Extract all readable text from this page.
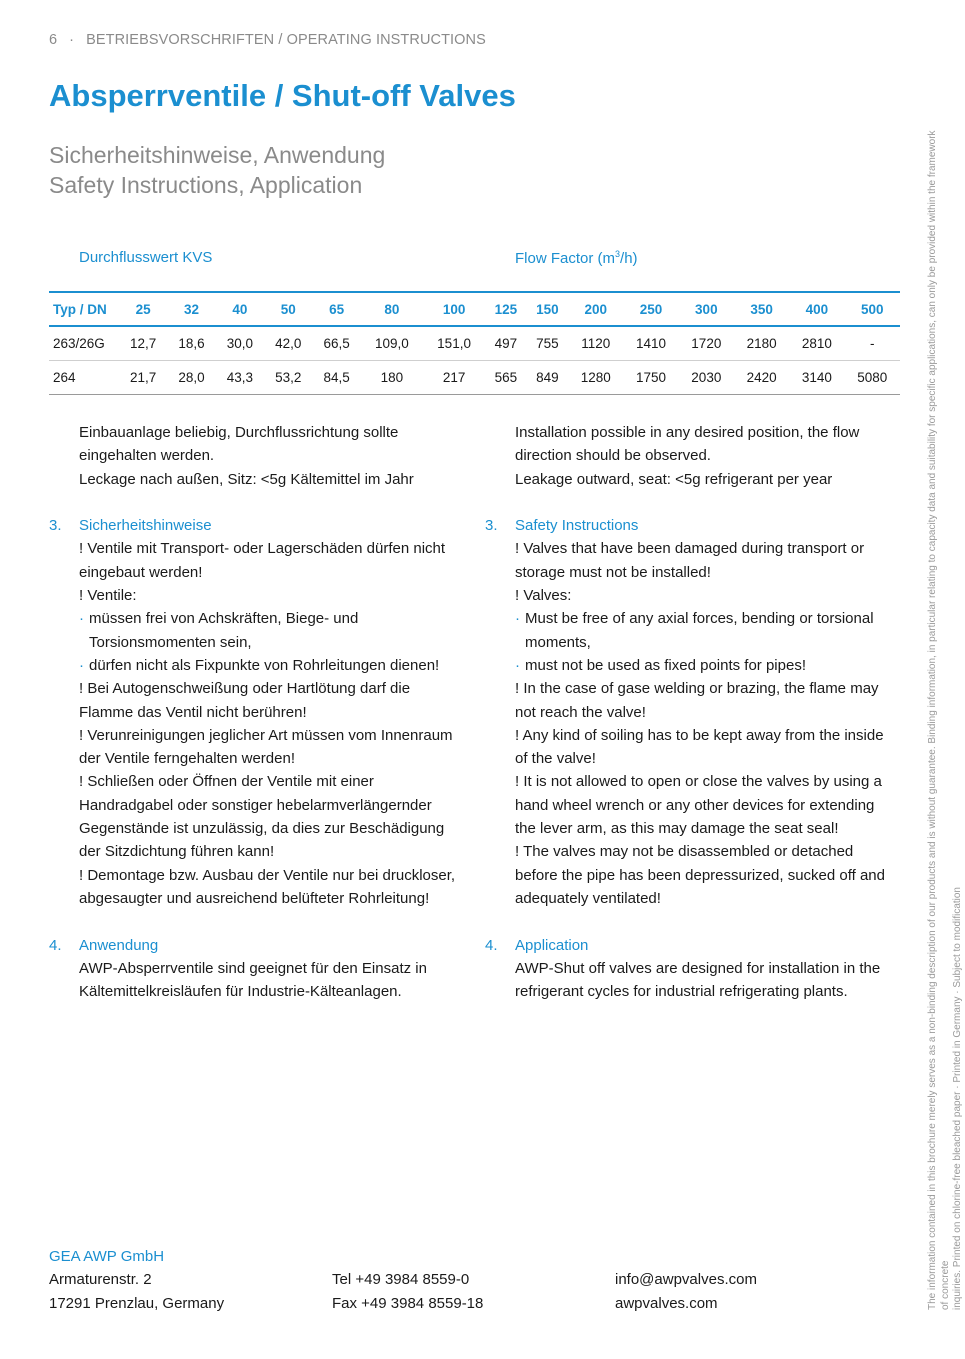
6 · BETRIEBSVORSCHRIFTEN / OPERATING INSTRUCTIONS
Absperrventile / Shut-off Valves
Sicherheitshinweise, Anwendung
Safety Instructions, Application
Durchflusswert KVS	Flow Factor $(m^3/h)$
Typ / DN	25	32	40	50	65	80	100	125	150	200	250	300	350	400	500
263/26G	12,7	18,6	30,0	42,0	66,5	109,0	151,0	497	755	1120	1410	1720	2180	2810	-
264	21,7	28,0	43,3	53,2	84,5	180	217	565	849	1280	1750	2030	2420	3140	5080

Einbauanlage beliebig, Durchflussrichtung sollte

eingehalten werden.

Leckage nach außen, Sitz: <5g Kältemittel im Jahr

3. Sicherheitshinweise

! Ventile mit Transport- oder Lagerschäden dürfen nicht

eingebaut werden!

! Ventile:

· müssen frei von Achskräften, Biege- und

Torsionsmomenten sein,

· dürfen nicht als Fixpunkte von Rohrleitungen dienen!

! Bei Autogenschweißung oder Hartlötung darf die

Flamme das Ventil nicht berühren!

! Verunreinigungen jeglicher Art müssen vom Innenraum

der Ventile ferngehalten werden!

! Schließen oder Öffnen der Ventile mit einer

Handradgabel oder sonstiger hebelarmverlängernder

Gegenstände ist unzulässig, da dies zur Beschädigung

der Sitzdichtung führen kann!

! Demontage bzw. Ausbau der Ventile nur bei druckloser,

abgesaugter und ausreichend belüfteter Rohrleitung!

4. Anwendung

AWP-Absperrventile sind geeignet für den Einsatz in

Kältemittelkreisläufen für Industrie-Kälteanlagen.

Installation possible in any desired position, the flow

direction should be observed.

Leakage outward, seat: <5g refrigerant per year

3. Safety Instructions

! Valves that have been damaged during transport or

storage must not be installed!

! Valves:

· Must be free of any axial forces, bending or torsional

moments,

· must not be used as fixed points for pipes!

! In the case of gase welding or brazing, the flame may

not reach the valve!

! Any kind of soiling has to be kept away from the inside

of the valve!

! It is not allowed to open or close the valves by using a

hand wheel wrench or any other devices for extending

the lever arm, as this may damage the seat seal!

! The valves may not be disassembled or detached

before the pipe has been depressurized, sucked off and

adequately ventilated!

4. Application

AWP-Shut off valves are designed for installation in the

refrigerant cycles for industrial refrigerating plants.

GEA AWP GmbH
Armaturenstr. 2
17291 Prenzlau, Germany
Tel +49 3984 8559-0
Fax +49 3984 8559-18
info@awpvalves.com
awpvalves.com	The information contained in this brochure merely serves as a non-binding description of our products and is without guarantee. Binding information, in particular relating to capacity data and suitability for specific applications, can only be provided within the framework of concrete inquiries. Printed on chlorine-free bleached paper · Printed in Germany · Subject to modification
